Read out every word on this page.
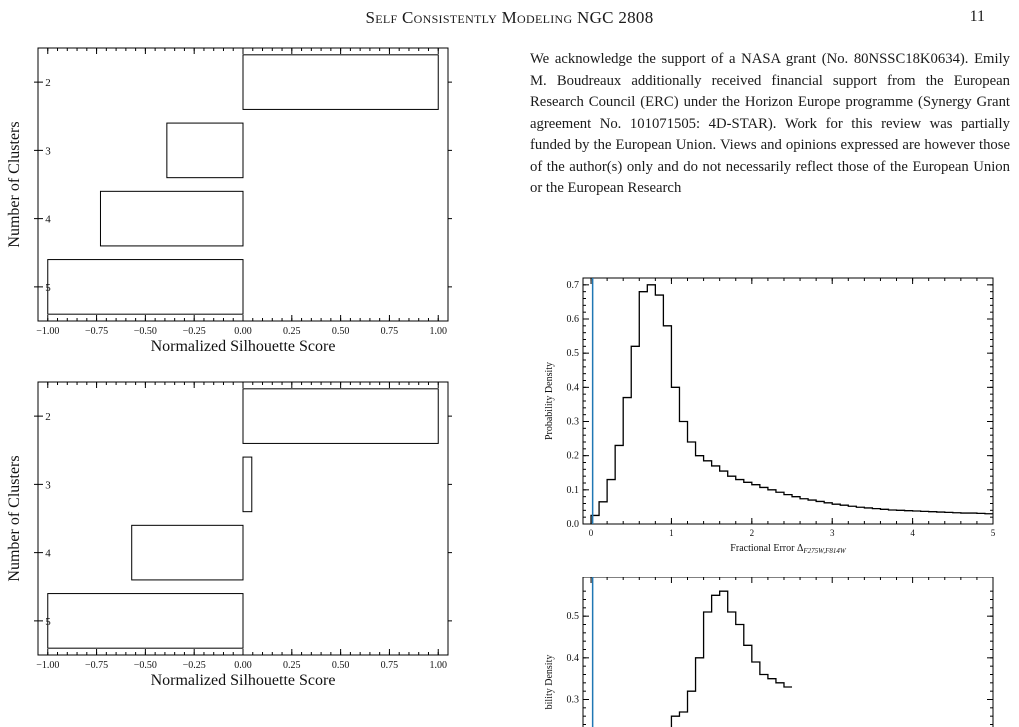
Self Consistently Modeling NGC 2808	11
2
3
4
5
−1.00	−0.75	−0.50	−0.25	0.00	0.25	0.50	0.75	1.00
Normalized Silhouette Score
Number of Clusters
2
3
4
5
−1.00	−0.75	−0.50	−0.25	0.00	0.25	0.50	0.75	1.00
Normalized Silhouette Score
Number of Clusters
We acknowledge the support of a NASA grant (No. 80NSSC18K0634). Emily M. Boudreaux additionally received financial support from the European Research Council (ERC) under the Horizon Europe programme (Synergy Grant agreement No. 101071505: 4D-STAR). Work for this review was partially funded by the European Union. Views and opinions expressed are however those of the author(s) only and do not necessarily reflect those of the European Union or the European Research
0	1	2	3	4	5
0.0
0.1
0.2
0.3
0.4
0.5
0.6
0.7
Fractional Error $\Delta_{F275W,F814W}$
Probability Density
0.3
0.4
0.5
bility Density
